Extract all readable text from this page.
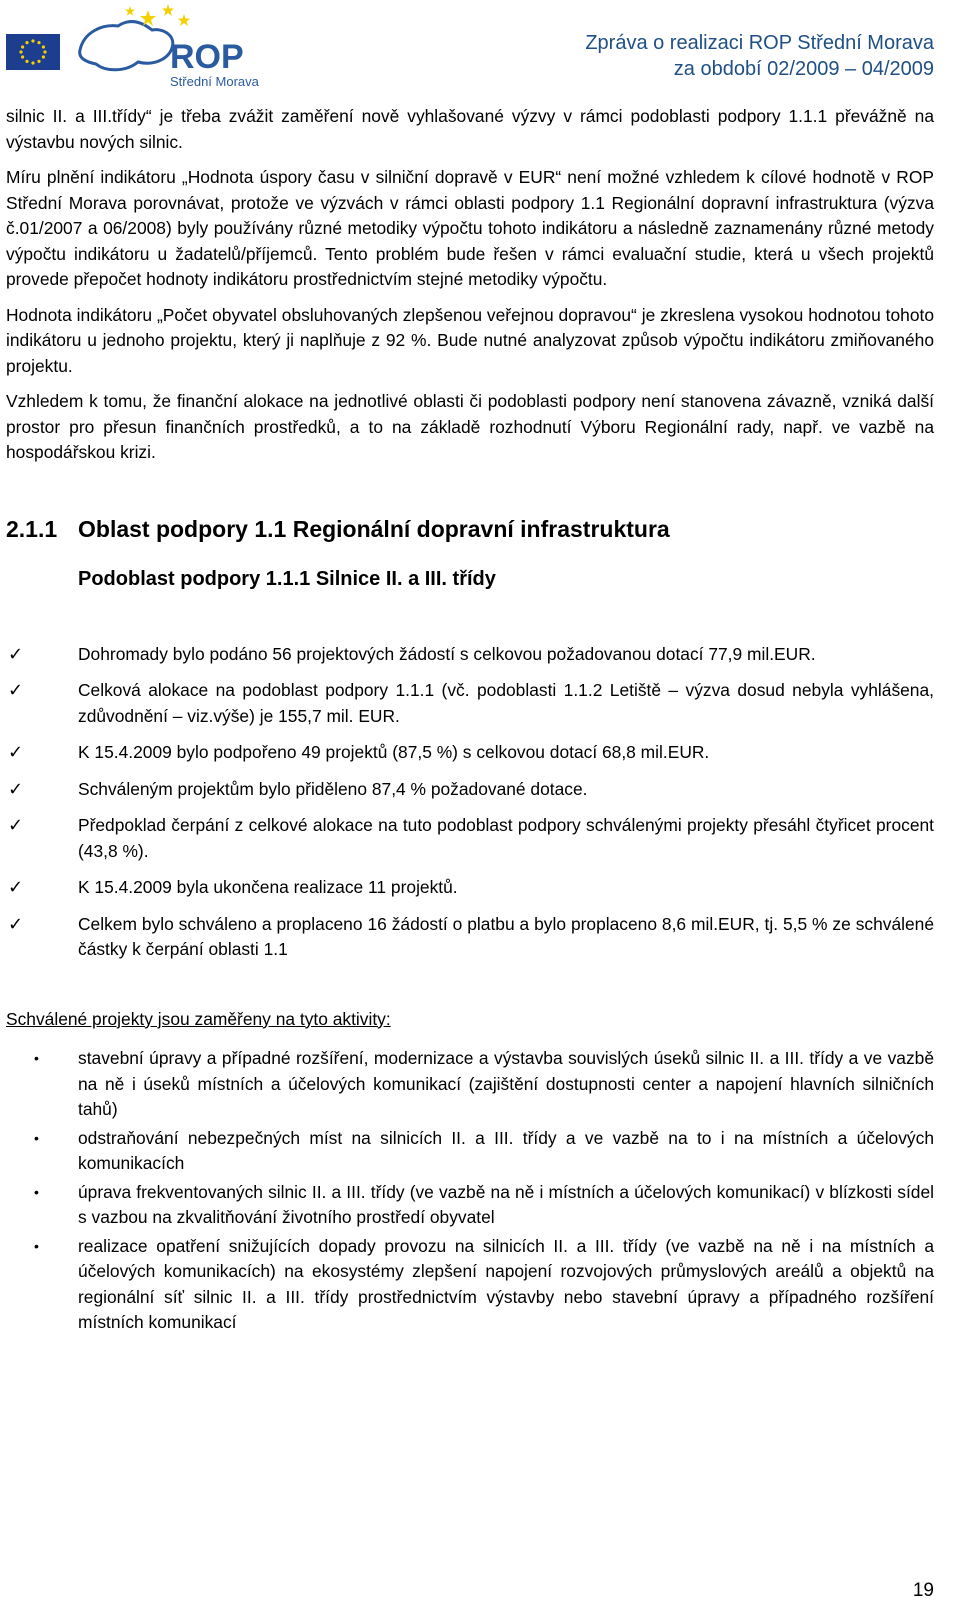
ROP
Střední Morava
Zpráva o realizaci ROP Střední Morava
za období 02/2009 – 04/2009

silnic II. a III.třídy“ je třeba zvážit zaměření nově vyhlašované výzvy v rámci podoblasti podpory 1.1.1 převážně na výstavbu nových silnic.

Míru plnění indikátoru „Hodnota úspory času v silniční dopravě v EUR“ není možné vzhledem k cílové hodnotě v ROP Střední Morava porovnávat, protože ve výzvách v rámci oblasti podpory 1.1 Regionální dopravní infrastruktura (výzva č.01/2007 a 06/2008) byly používány různé metodiky výpočtu tohoto indikátoru a následně zaznamenány různé metody výpočtu indikátoru u žadatelů/příjemců. Tento problém bude řešen v rámci evaluační studie, která u všech projektů provede přepočet hodnoty indikátoru prostřednictvím stejné metodiky výpočtu.

Hodnota indikátoru „Počet obyvatel obsluhovaných zlepšenou veřejnou dopravou“ je zkreslena vysokou hodnotou tohoto indikátoru u jednoho projektu, který ji naplňuje z 92 %. Bude nutné analyzovat způsob výpočtu indikátoru zmiňovaného projektu.

Vzhledem k tomu, že finanční alokace na jednotlivé oblasti či podoblasti podpory není stanovena závazně, vzniká další prostor pro přesun finančních prostředků, a to na základě rozhodnutí Výboru Regionální rady, např. ve vazbě na hospodářskou krizi.

2.1.1 Oblast podpory 1.1 Regionální dopravní infrastruktura
Podoblast podpory 1.1.1 Silnice II. a III. třídy
✓	Dohromady bylo podáno 56 projektových žádostí s celkovou požadovanou dotací 77,9 mil.EUR.
✓	Celková alokace na podoblast podpory 1.1.1 (vč. podoblasti 1.1.2 Letiště – výzva dosud nebyla vyhlášena, zdůvodnění – viz.výše) je 155,7 mil. EUR.
✓	K 15.4.2009 bylo podpořeno 49 projektů (87,5 %) s celkovou dotací 68,8 mil.EUR.
✓	Schváleným projektům bylo přiděleno 87,4 % požadované dotace.
✓	Předpoklad čerpání z celkové alokace na tuto podoblast podpory schválenými projekty přesáhl čtyřicet procent (43,8 %).
✓	K 15.4.2009 byla ukončena realizace 11 projektů.
✓	Celkem bylo schváleno a proplaceno 16 žádostí o platbu a bylo proplaceno 8,6 mil.EUR, tj. 5,5 % ze schválené částky k čerpání oblasti 1.1
Schválené projekty jsou zaměřeny na tyto aktivity:
• stavební úpravy a případné rozšíření, modernizace a výstavba souvislých úseků silnic II. a III. třídy a ve vazbě na ně i úseků místních a účelových komunikací (zajištění dostupnosti center a napojení hlavních silničních tahů)
• odstraňování nebezpečných míst na silnicích II. a III. třídy a ve vazbě na to i na místních a účelových komunikacích
• úprava frekventovaných silnic II. a III. třídy (ve vazbě na ně i místních a účelových komunikací) v blízkosti sídel s vazbou na zkvalitňování životního prostředí obyvatel
• realizace opatření snižujících dopady provozu na silnicích II. a III. třídy (ve vazbě na ně i na místních a účelových komunikacích) na ekosystémy zlepšení napojení rozvojových průmyslových areálů a objektů na regionální síť silnic II. a III. třídy prostřednictvím výstavby nebo stavební úpravy a případného rozšíření místních komunikací
19
